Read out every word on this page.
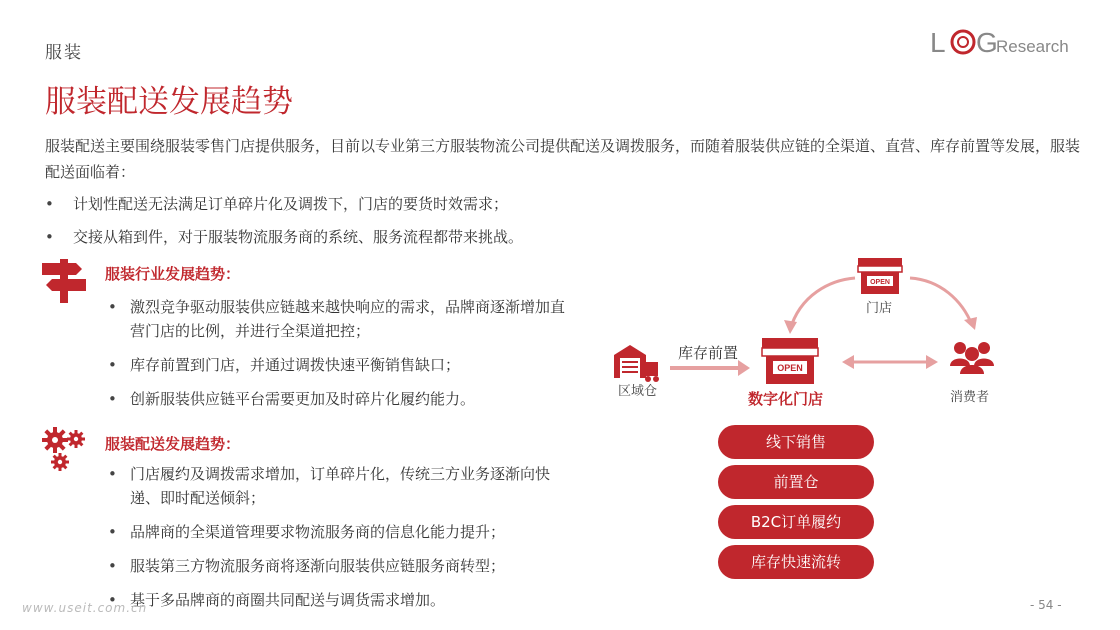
服装	L G
Research
服装配送发展趋势
服装配送主要围绕服装零售门店提供服务，目前以专业第三方服装物流公司提供配送及调拨服务，而随着服装供应链的全渠道、直营、库存前置等发展，服装配送面临着：
• 计划性配送无法满足订单碎片化及调拨下，门店的要货时效需求；
• 交接从箱到件，对于服装物流服务商的系统、服务流程都带来挑战。
服装行业发展趋势：
• 激烈竞争驱动服装供应链越来越快响应的需求，品牌商逐渐增加直营门店的比例，并进行全渠道把控；
• 库存前置到门店，并通过调拨快速平衡销售缺口；
• 创新服装供应链平台需要更加及时碎片化履约能力。
服装配送发展趋势：
• 门店履约及调拨需求增加，订单碎片化，传统三方业务逐渐向快递、即时配送倾斜；
• 品牌商的全渠道管理要求物流服务商的信息化能力提升；
• 服装第三方物流服务商将逐渐向服装供应链服务商转型；
• 基于多品牌商的商圈共同配送与调货需求增加。
OPEN
OPEN
区域仓
库存前置
门店
数字化门店	消费者
线下销售
前置仓
B2C订单履约
库存快速流转
www.useit.com.cn	- 54 -
